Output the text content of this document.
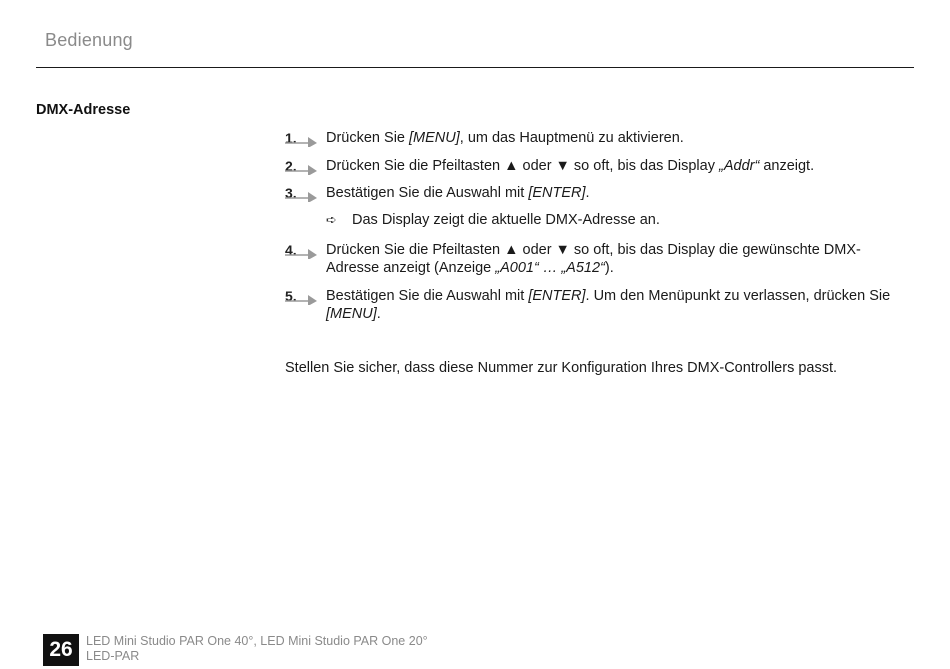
Bedienung
DMX-Adresse
1. Drücken Sie [MENU], um das Hauptmenü zu aktivieren.
2. Drücken Sie die Pfeiltasten ▲ oder ▼ so oft, bis das Display „Addr“ anzeigt.
3. Bestätigen Sie die Auswahl mit [ENTER].
➪ Das Display zeigt die aktuelle DMX-Adresse an.
4. Drücken Sie die Pfeiltasten ▲ oder ▼ so oft, bis das Display die gewünschte DMX-Adresse anzeigt (Anzeige „A001“ … „A512“).
5. Bestätigen Sie die Auswahl mit [ENTER]. Um den Menüpunkt zu verlassen, drücken Sie [MENU].
Stellen Sie sicher, dass diese Nummer zur Konfiguration Ihres DMX-Controllers passt.
26	LED Mini Studio PAR One 40°, LED Mini Studio PAR One 20°
LED-PAR
